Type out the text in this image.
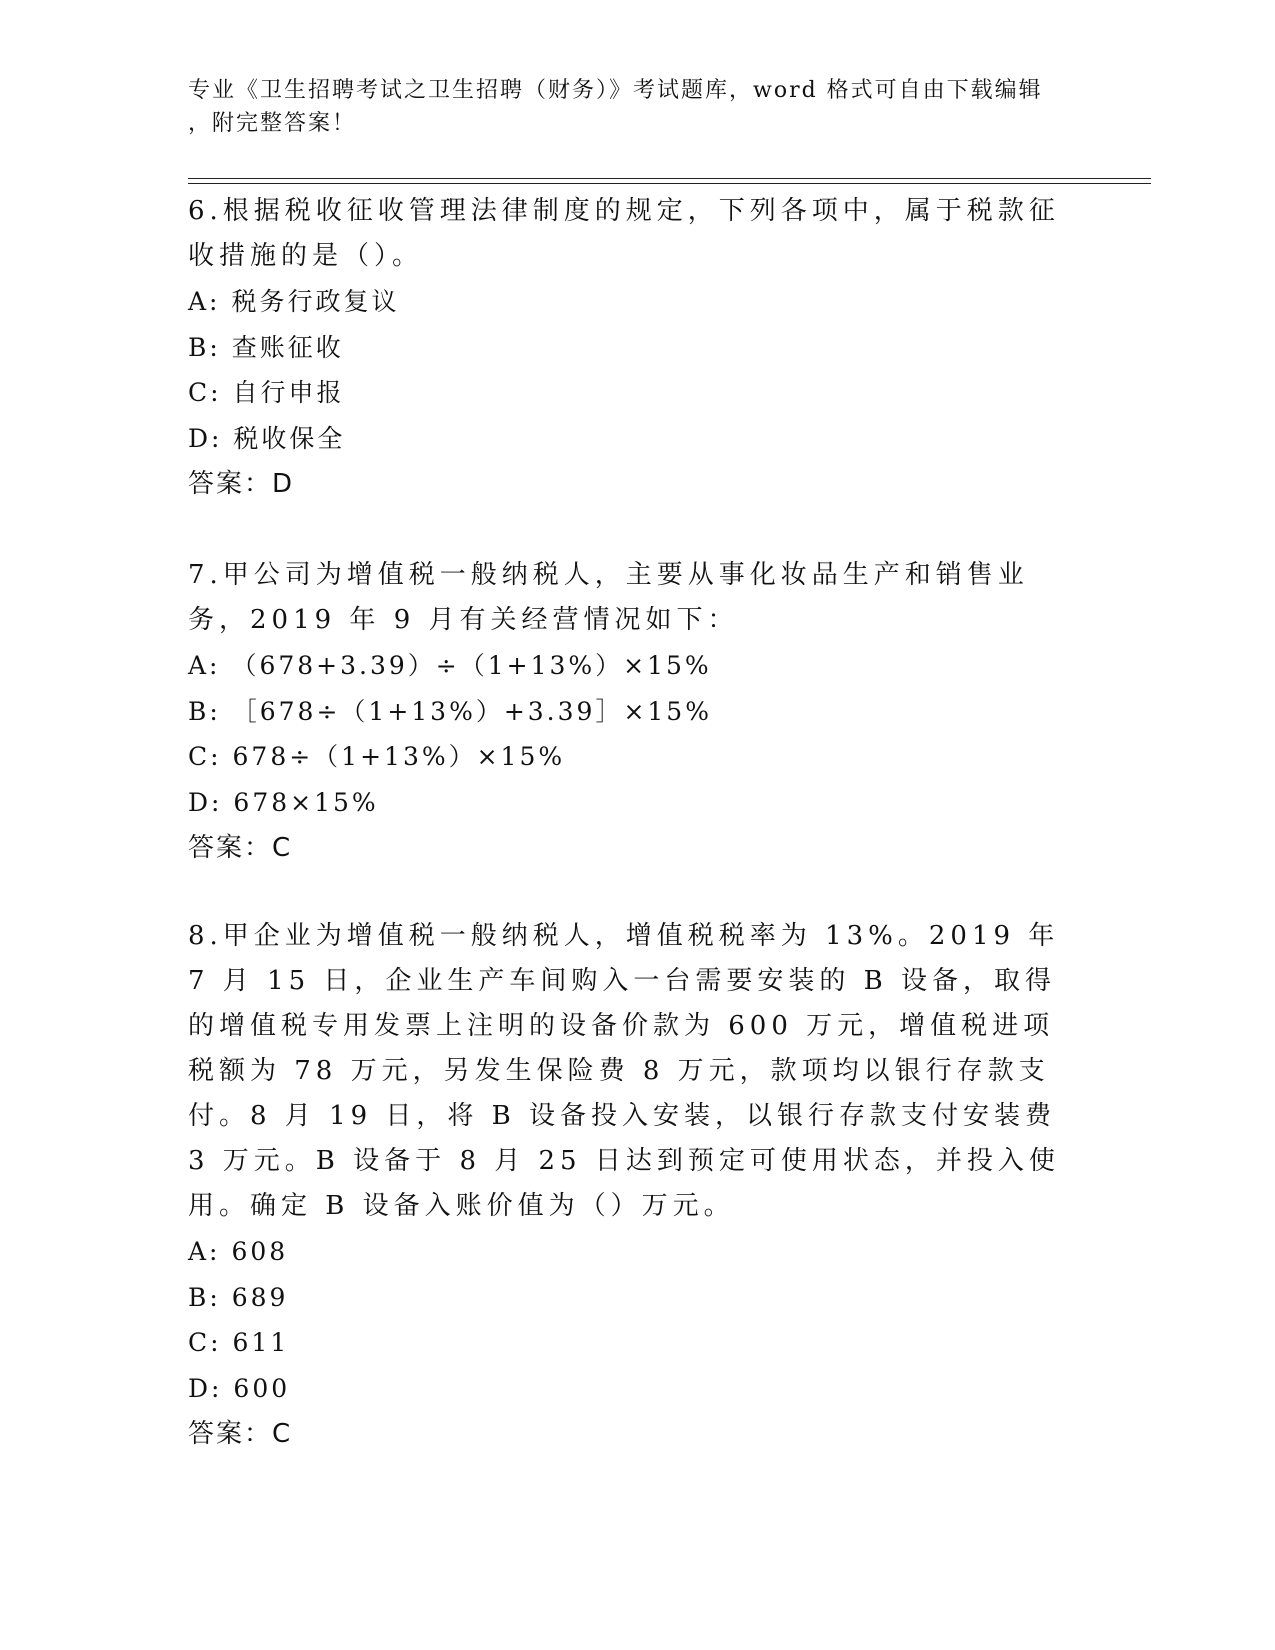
专业《卫生招聘考试之卫生招聘（财务）》考试题库，word 格式可自由下载编辑
，附完整答案！
6.根据税收征收管理法律制度的规定，下列各项中，属于税款征收措施的是（）。
A: 税务行政复议
B: 查账征收
C: 自行申报
D: 税收保全
答案：D
7.甲公司为增值税一般纳税人，主要从事化妆品生产和销售业务，2019 年 9 月有关经营情况如下：
A: （678+3.39）÷（1+13%）×15%
B: ［678÷（1+13%）+3.39］×15%
C: 678÷（1+13%）×15%
D: 678×15%
答案：C
8.甲企业为增值税一般纳税人，增值税税率为 13%。2019 年 7 月 15 日，企业生产车间购入一台需要安装的 B 设备，取得的增值税专用发票上注明的设备价款为 600 万元，增值税进项税额为 78 万元，另发生保险费 8 万元，款项均以银行存款支付。8 月 19 日，将 B 设备投入安装，以银行存款支付安装费 3 万元。B 设备于 8 月 25 日达到预定可使用状态，并投入使用。确定 B 设备入账价值为（）万元。
A: 608
B: 689
C: 611
D: 600
答案：C
